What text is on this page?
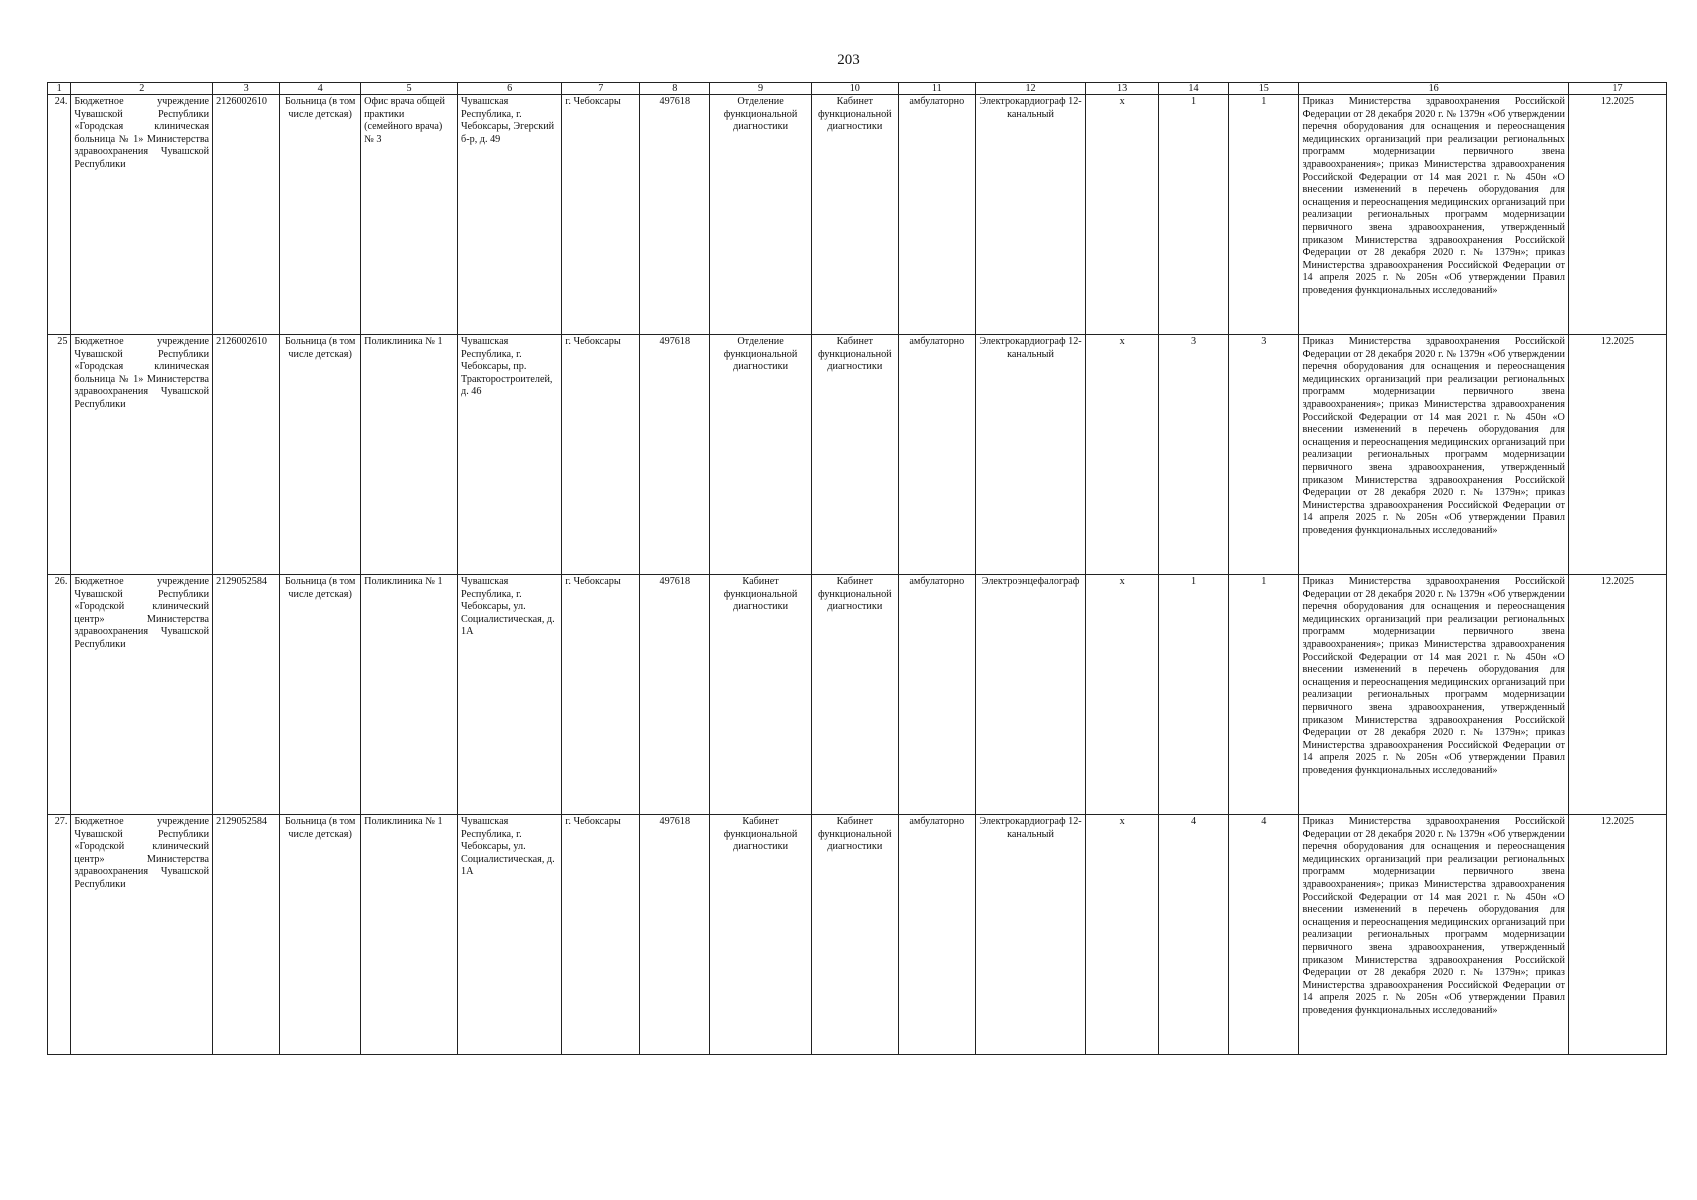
203
1	2	3	4	5	6	7	8	9	10	11	12	13	14	15	16	17
24.	Бюджетное учреждение Чувашской Республики «Городская клиническая больница № 1» Министерства здравоохранения Чувашской Республики	2126002610	Больница (в том числе детская)	Офис врача общей практики (семейного врача) № 3	Чувашская Республика, г. Чебоксары, Эгерский б-р, д. 49	г. Чебоксары	497618	Отделение функциональной диагностики	Кабинет функциональной диагностики	амбулаторно	Электрокардиограф 12-канальный	х	1	1	Приказ Министерства здравоохранения Российской Федерации от 28 декабря 2020 г. № 1379н «Об утверждении перечня оборудования для оснащения и переоснащения медицинских организаций при реализации региональных программ модернизации первичного звена здравоохранения»; приказ Министерства здравоохранения Российской Федерации от 14 мая 2021 г. № 450н «О внесении изменений в перечень оборудования для оснащения и переоснащения медицинских организаций при реализации региональных программ модернизации первичного звена здравоохранения, утвержденный приказом Министерства здравоохранения Российской Федерации от 28 декабря 2020 г. № 1379н»; приказ Министерства здравоохранения Российской Федерации от 14 апреля 2025 г. № 205н «Об утверждении Правил проведения функциональных исследований»	12.2025
25	Бюджетное учреждение Чувашской Республики «Городская клиническая больница № 1» Министерства здравоохранения Чувашской Республики	2126002610	Больница (в том числе детская)	Поликлиника № 1	Чувашская Республика, г. Чебоксары, пр. Тракторостроителей, д. 46	г. Чебоксары	497618	Отделение функциональной диагностики	Кабинет функциональной диагностики	амбулаторно	Электрокардиограф 12-канальный	х	3	3	Приказ Министерства здравоохранения Российской Федерации от 28 декабря 2020 г. № 1379н «Об утверждении перечня оборудования для оснащения и переоснащения медицинских организаций при реализации региональных программ модернизации первичного звена здравоохранения»; приказ Министерства здравоохранения Российской Федерации от 14 мая 2021 г. № 450н «О внесении изменений в перечень оборудования для оснащения и переоснащения медицинских организаций при реализации региональных программ модернизации первичного звена здравоохранения, утвержденный приказом Министерства здравоохранения Российской Федерации от 28 декабря 2020 г. № 1379н»; приказ Министерства здравоохранения Российской Федерации от 14 апреля 2025 г. № 205н «Об утверждении Правил проведения функциональных исследований»	12.2025
26.	Бюджетное учреждение Чувашской Республики «Городской клинический центр» Министерства здравоохранения Чувашской Республики	2129052584	Больница (в том числе детская)	Поликлиника № 1	Чувашская Республика, г. Чебоксары, ул. Социалистическая, д. 1А	г. Чебоксары	497618	Кабинет функциональной диагностики	Кабинет функциональной диагностики	амбулаторно	Электроэнцефалограф	х	1	1	Приказ Министерства здравоохранения Российской Федерации от 28 декабря 2020 г. № 1379н «Об утверждении перечня оборудования для оснащения и переоснащения медицинских организаций при реализации региональных программ модернизации первичного звена здравоохранения»; приказ Министерства здравоохранения Российской Федерации от 14 мая 2021 г. № 450н «О внесении изменений в перечень оборудования для оснащения и переоснащения медицинских организаций при реализации региональных программ модернизации первичного звена здравоохранения, утвержденный приказом Министерства здравоохранения Российской Федерации от 28 декабря 2020 г. № 1379н»; приказ Министерства здравоохранения Российской Федерации от 14 апреля 2025 г. № 205н «Об утверждении Правил проведения функциональных исследований»	12.2025
27.	Бюджетное учреждение Чувашской Республики «Городской клинический центр» Министерства здравоохранения Чувашской Республики	2129052584	Больница (в том числе детская)	Поликлиника № 1	Чувашская Республика, г. Чебоксары, ул. Социалистическая, д. 1А	г. Чебоксары	497618	Кабинет функциональной диагностики	Кабинет функциональной диагностики	амбулаторно	Электрокардиограф 12-канальный	х	4	4	Приказ Министерства здравоохранения Российской Федерации от 28 декабря 2020 г. № 1379н «Об утверждении перечня оборудования для оснащения и переоснащения медицинских организаций при реализации региональных программ модернизации первичного звена здравоохранения»; приказ Министерства здравоохранения Российской Федерации от 14 мая 2021 г. № 450н «О внесении изменений в перечень оборудования для оснащения и переоснащения медицинских организаций при реализации региональных программ модернизации первичного звена здравоохранения, утвержденный приказом Министерства здравоохранения Российской Федерации от 28 декабря 2020 г. № 1379н»; приказ Министерства здравоохранения Российской Федерации от 14 апреля 2025 г. № 205н «Об утверждении Правил проведения функциональных исследований»	12.2025
